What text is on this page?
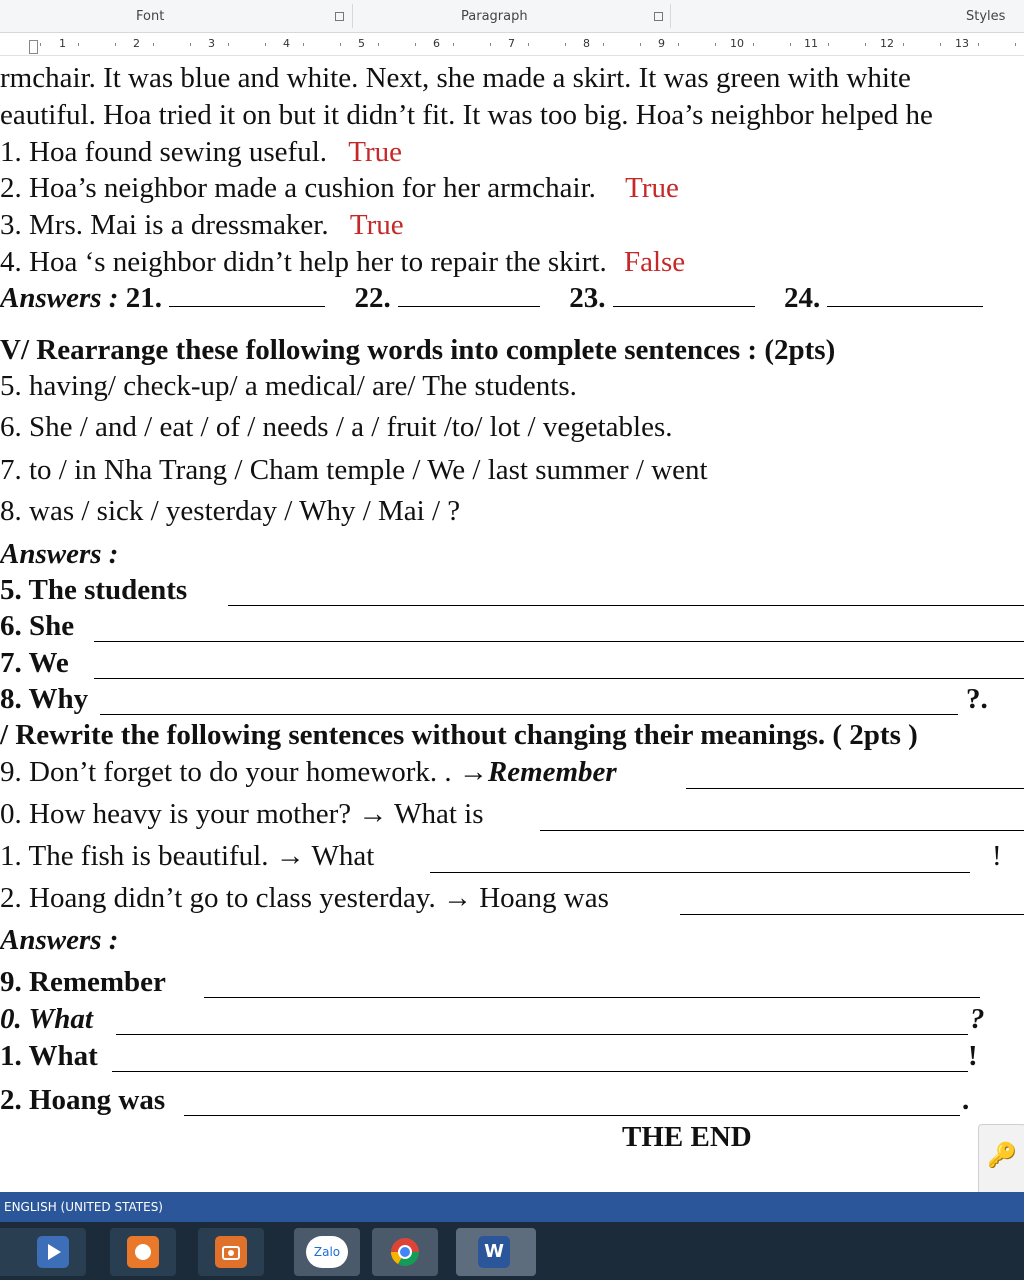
Font	Paragraph	Styles
1	2	3	4	5	6	7	8	9	10	11	12	13
rmchair. It was blue and white. Next, she made a skirt. It was green with white
eautiful. Hoa tried it on but it didn’t fit. It was too big. Hoa’s neighbor helped he
1. Hoa found sewing useful. True
2. Hoa’s neighbor made a cushion for her armchair. True
3. Mrs. Mai is a dressmaker. True
4. Hoa ‘s neighbor didn’t help her to repair the skirt. False
Answers : 21.	22.	23.	24.
V/ Rearrange these following words into complete sentences : (2pts)
5. having/ check-up/ a medical/ are/ The students.
6. She / and / eat / of / needs / a / fruit /to/ lot / vegetables.
7. to / in Nha Trang / Cham temple / We / last summer / went
8. was / sick / yesterday / Why / Mai / ?
Answers :
5. The students
6. She
7. We
8. Why	?.
/ Rewrite the following sentences without changing their meanings. ( 2pts )
9. Don’t forget to do your homework. . →Remember
0. How heavy is your mother? → What is
1. The fish is beautiful. → What	!
2. Hoang didn’t go to class yesterday. → Hoang was
Answers :
9. Remember
0. What	?
1. What	!
2. Hoang was	.
THE END
🔑
ENGLISH (UNITED STATES)
Zalo	W
